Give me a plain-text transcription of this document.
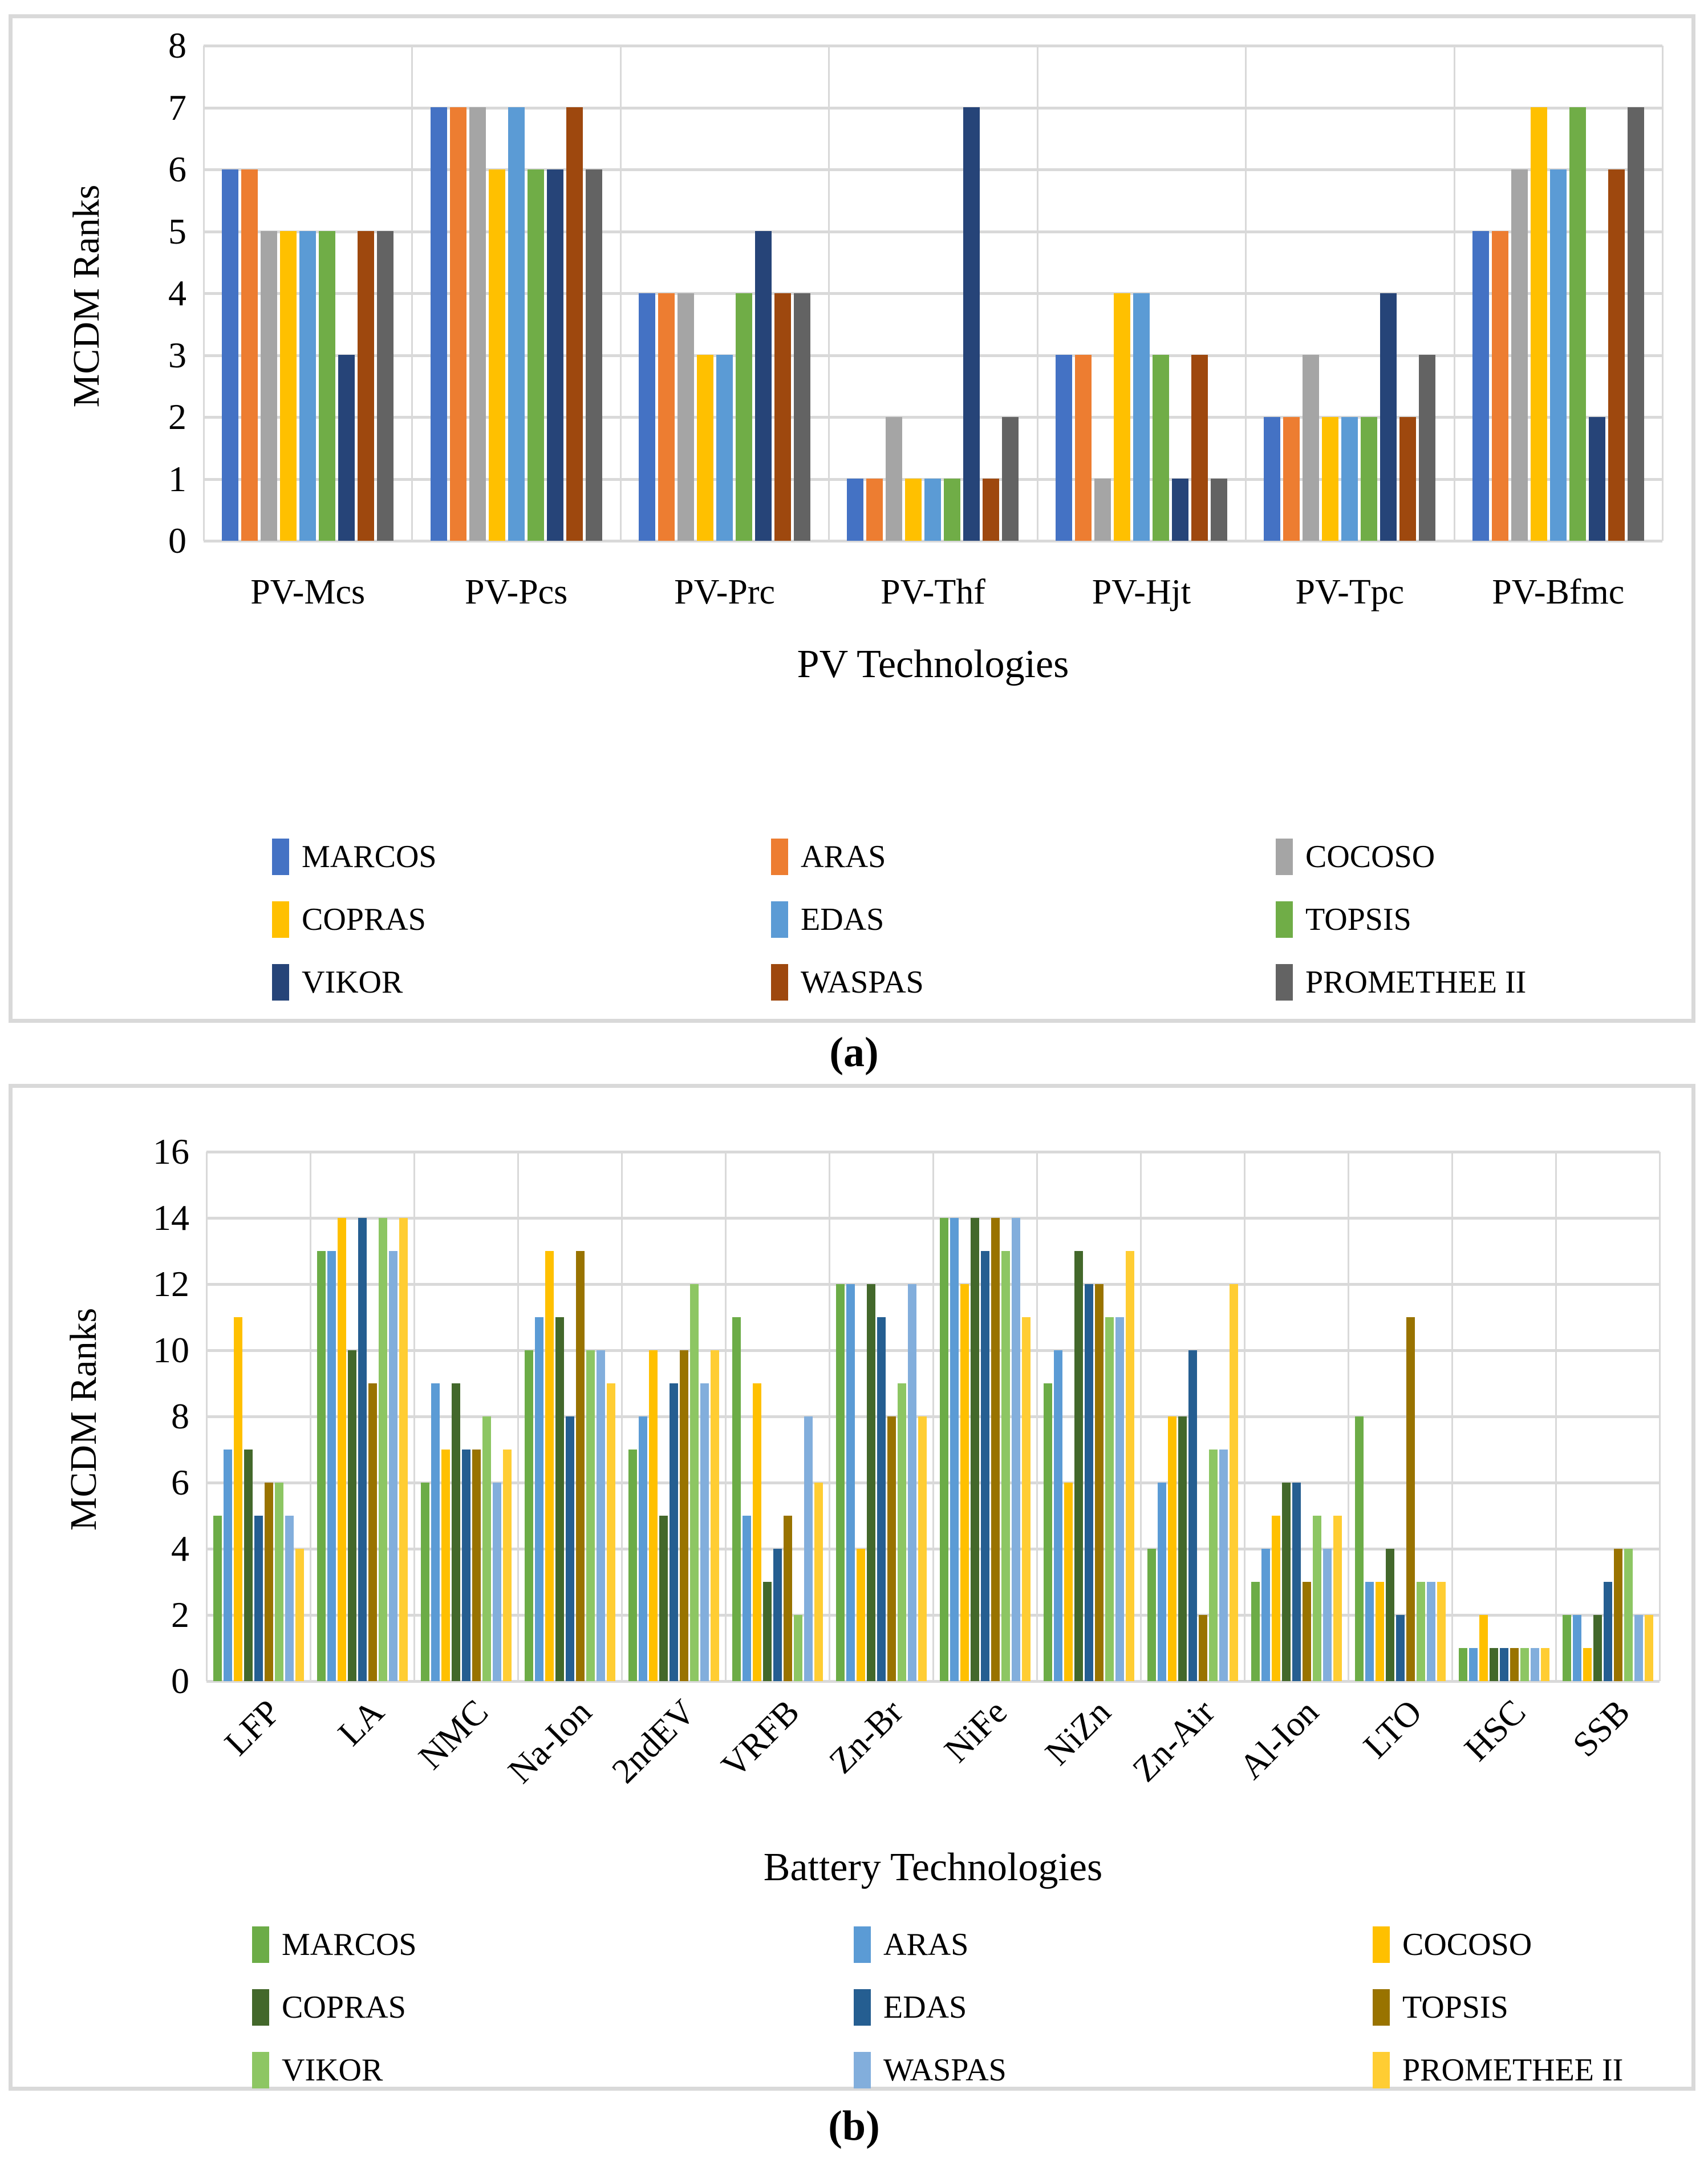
0
1
2
3
4
5
6
7
8
MCDM Ranks
PV-Mcs	PV-Pcs	PV-Prc	PV-Thf	PV-Hjt	PV-Tpc	PV-Bfmc
PV Technologies
MARCOS	ARAS	COCOSO
COPRAS	EDAS	TOPSIS
VIKOR	WASPAS	PROMETHEE II
(a)
0
2
4
6
8
10
12
14
16
MCDM Ranks
LFP LA NMC Na-Ion 2ndEV VRFB Zn-Br NiFe NiZn Zn-Air Al-Ion LTO HSC SSB
Battery Technologies
MARCOS	ARAS	COCOSO
COPRAS	EDAS	TOPSIS
VIKOR	WASPAS	PROMETHEE II
(b)
